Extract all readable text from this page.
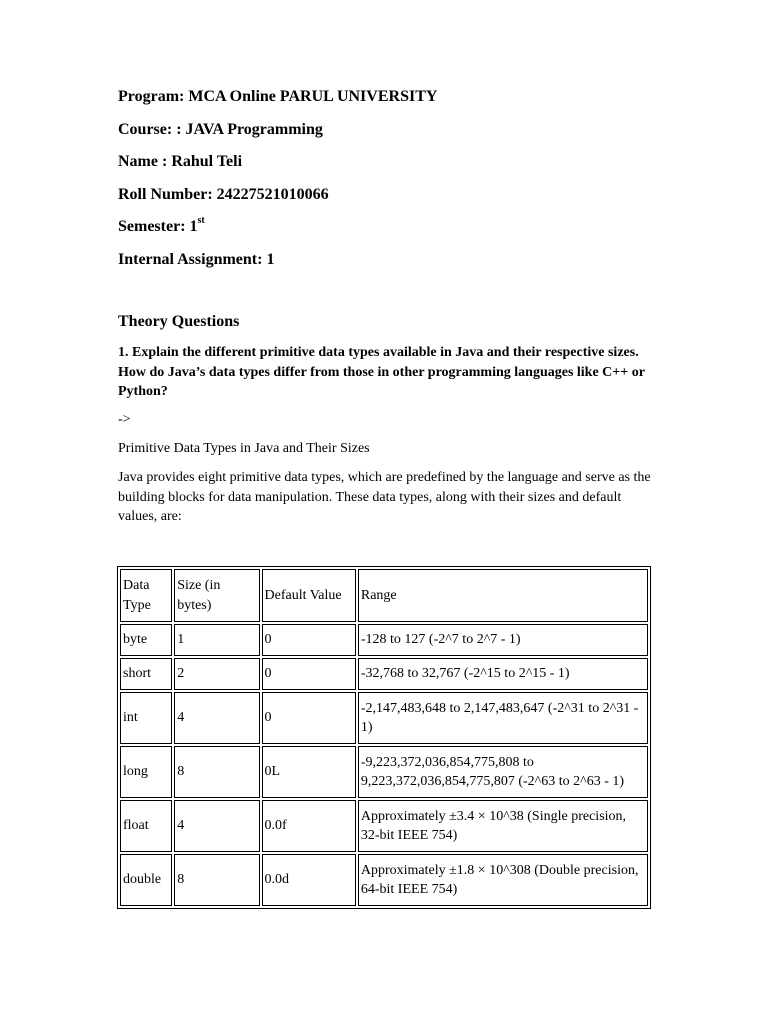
Program: MCA Online PARUL UNIVERSITY
Course: : JAVA Programming
Name : Rahul Teli
Roll Number: 24227521010066
Semester: 1st
Internal Assignment: 1
Theory Questions
1. Explain the different primitive data types available in Java and their respective sizes. How do Java’s data types differ from those in other programming languages like C++ or Python?
->
Primitive Data Types in Java and Their Sizes
Java provides eight primitive data types, which are predefined by the language and serve as the building blocks for data manipulation. These data types, along with their sizes and default values, are:
Data Type	Size (in bytes)	Default Value	Range
byte	1	0	-128 to 127 (-2^7 to 2^7 - 1)
short	2	0	-32,768 to 32,767 (-2^15 to 2^15 - 1)
int	4	0	-2,147,483,648 to 2,147,483,647 (-2^31 to 2^31 - 1)
long	8	0L	-9,223,372,036,854,775,808 to 9,223,372,036,854,775,807 (-2^63 to 2^63 - 1)
float	4	0.0f	Approximately ±3.4 × 10^38 (Single precision, 32-bit IEEE 754)
double	8	0.0d	Approximately ±1.8 × 10^308 (Double precision, 64-bit IEEE 754)
